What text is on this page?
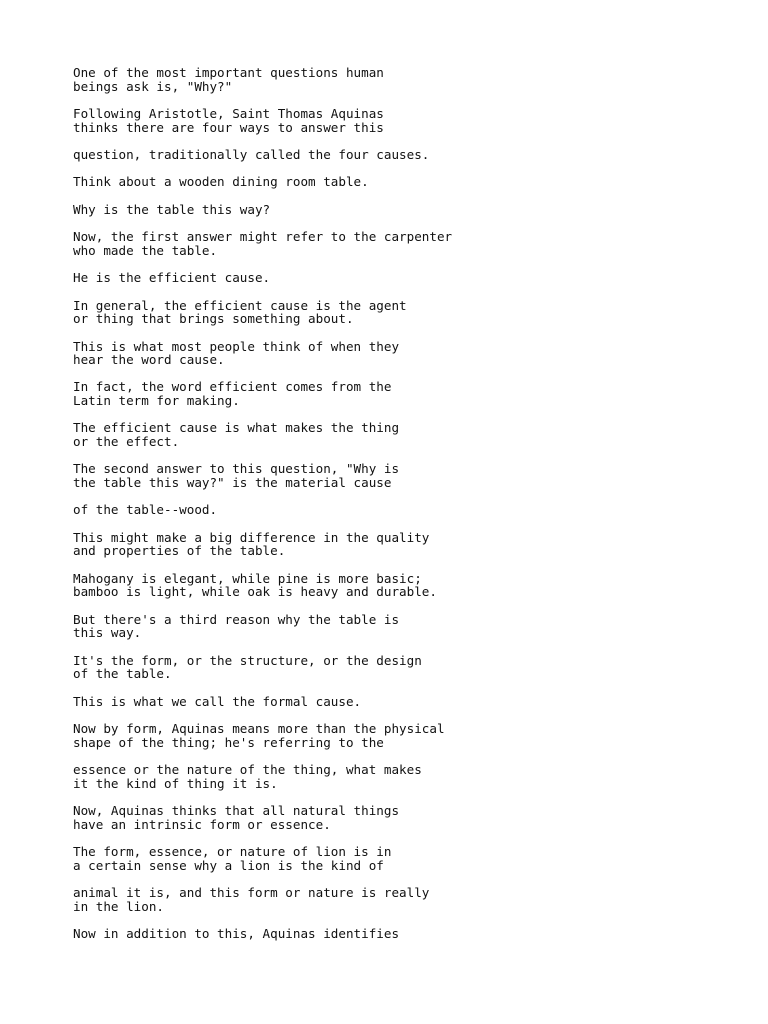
One of the most important questions human
beings ask is, "Why?"
Following Aristotle, Saint Thomas Aquinas
thinks there are four ways to answer this
question, traditionally called the four causes.
Think about a wooden dining room table.
Why is the table this way?
Now, the first answer might refer to the carpenter
who made the table.
He is the efficient cause.
In general, the efficient cause is the agent
or thing that brings something about.
This is what most people think of when they
hear the word cause.
In fact, the word efficient comes from the
Latin term for making.
The efficient cause is what makes the thing
or the effect.
The second answer to this question, "Why is
the table this way?" is the material cause
of the table--wood.
This might make a big difference in the quality
and properties of the table.
Mahogany is elegant, while pine is more basic;
bamboo is light, while oak is heavy and durable.
But there's a third reason why the table is
this way.
It's the form, or the structure, or the design
of the table.
This is what we call the formal cause.
Now by form, Aquinas means more than the physical
shape of the thing; he's referring to the
essence or the nature of the thing, what makes
it the kind of thing it is.
Now, Aquinas thinks that all natural things
have an intrinsic form or essence.
The form, essence, or nature of lion is in
a certain sense why a lion is the kind of
animal it is, and this form or nature is really
in the lion.
Now in addition to this, Aquinas identifies
